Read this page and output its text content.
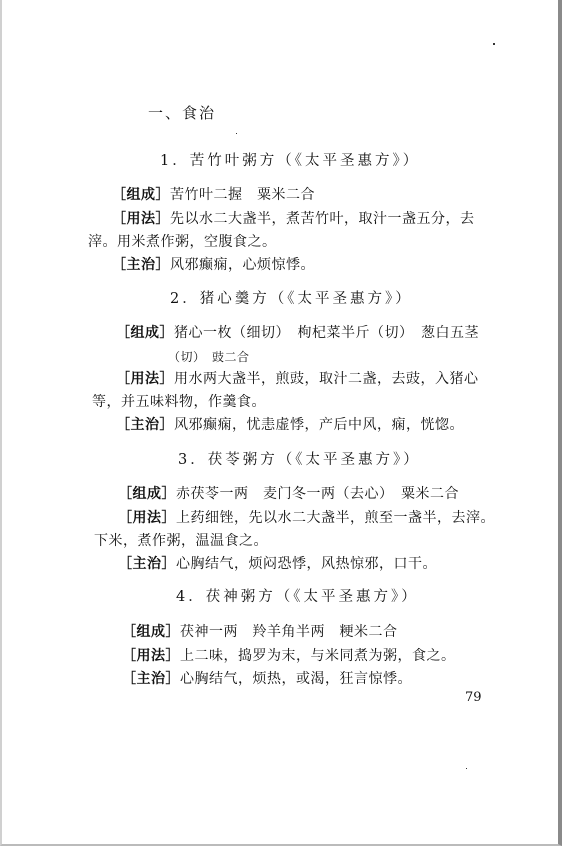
一、食治
1．苦竹叶粥方（《太平圣惠方》）
［组成］苦竹叶二握　粟米二合
［用法］先以水二大盏半，煮苦竹叶，取汁一盏五分，去
滓。用米煮作粥，空腹食之。
［主治］风邪癫痫，心烦惊悸。
2．猪心羹方（《太平圣惠方》）
［组成］猪心一枚（细切）　枸杞菜半斤（切）　葱白五茎
（切）　豉二合
［用法］用水两大盏半，煎豉，取汁二盏，去豉，入猪心
等，并五味料物，作羹食。
［主治］风邪癫痫，忧恚虚悸，产后中风，痫，恍惚。
3．茯苓粥方（《太平圣惠方》）
［组成］赤茯苓一两　麦门冬一两（去心）　粟米二合
［用法］上药细锉，先以水二大盏半，煎至一盏半，去滓。
下米，煮作粥，温温食之。
［主治］心胸结气，烦闷恐悸，风热惊邪，口干。
4．茯神粥方（《太平圣惠方》）
［组成］茯神一两　羚羊角半两　粳米二合
［用法］上二味，捣罗为末，与米同煮为粥，食之。
［主治］心胸结气，烦热，或渴，狂言惊悸。
79
